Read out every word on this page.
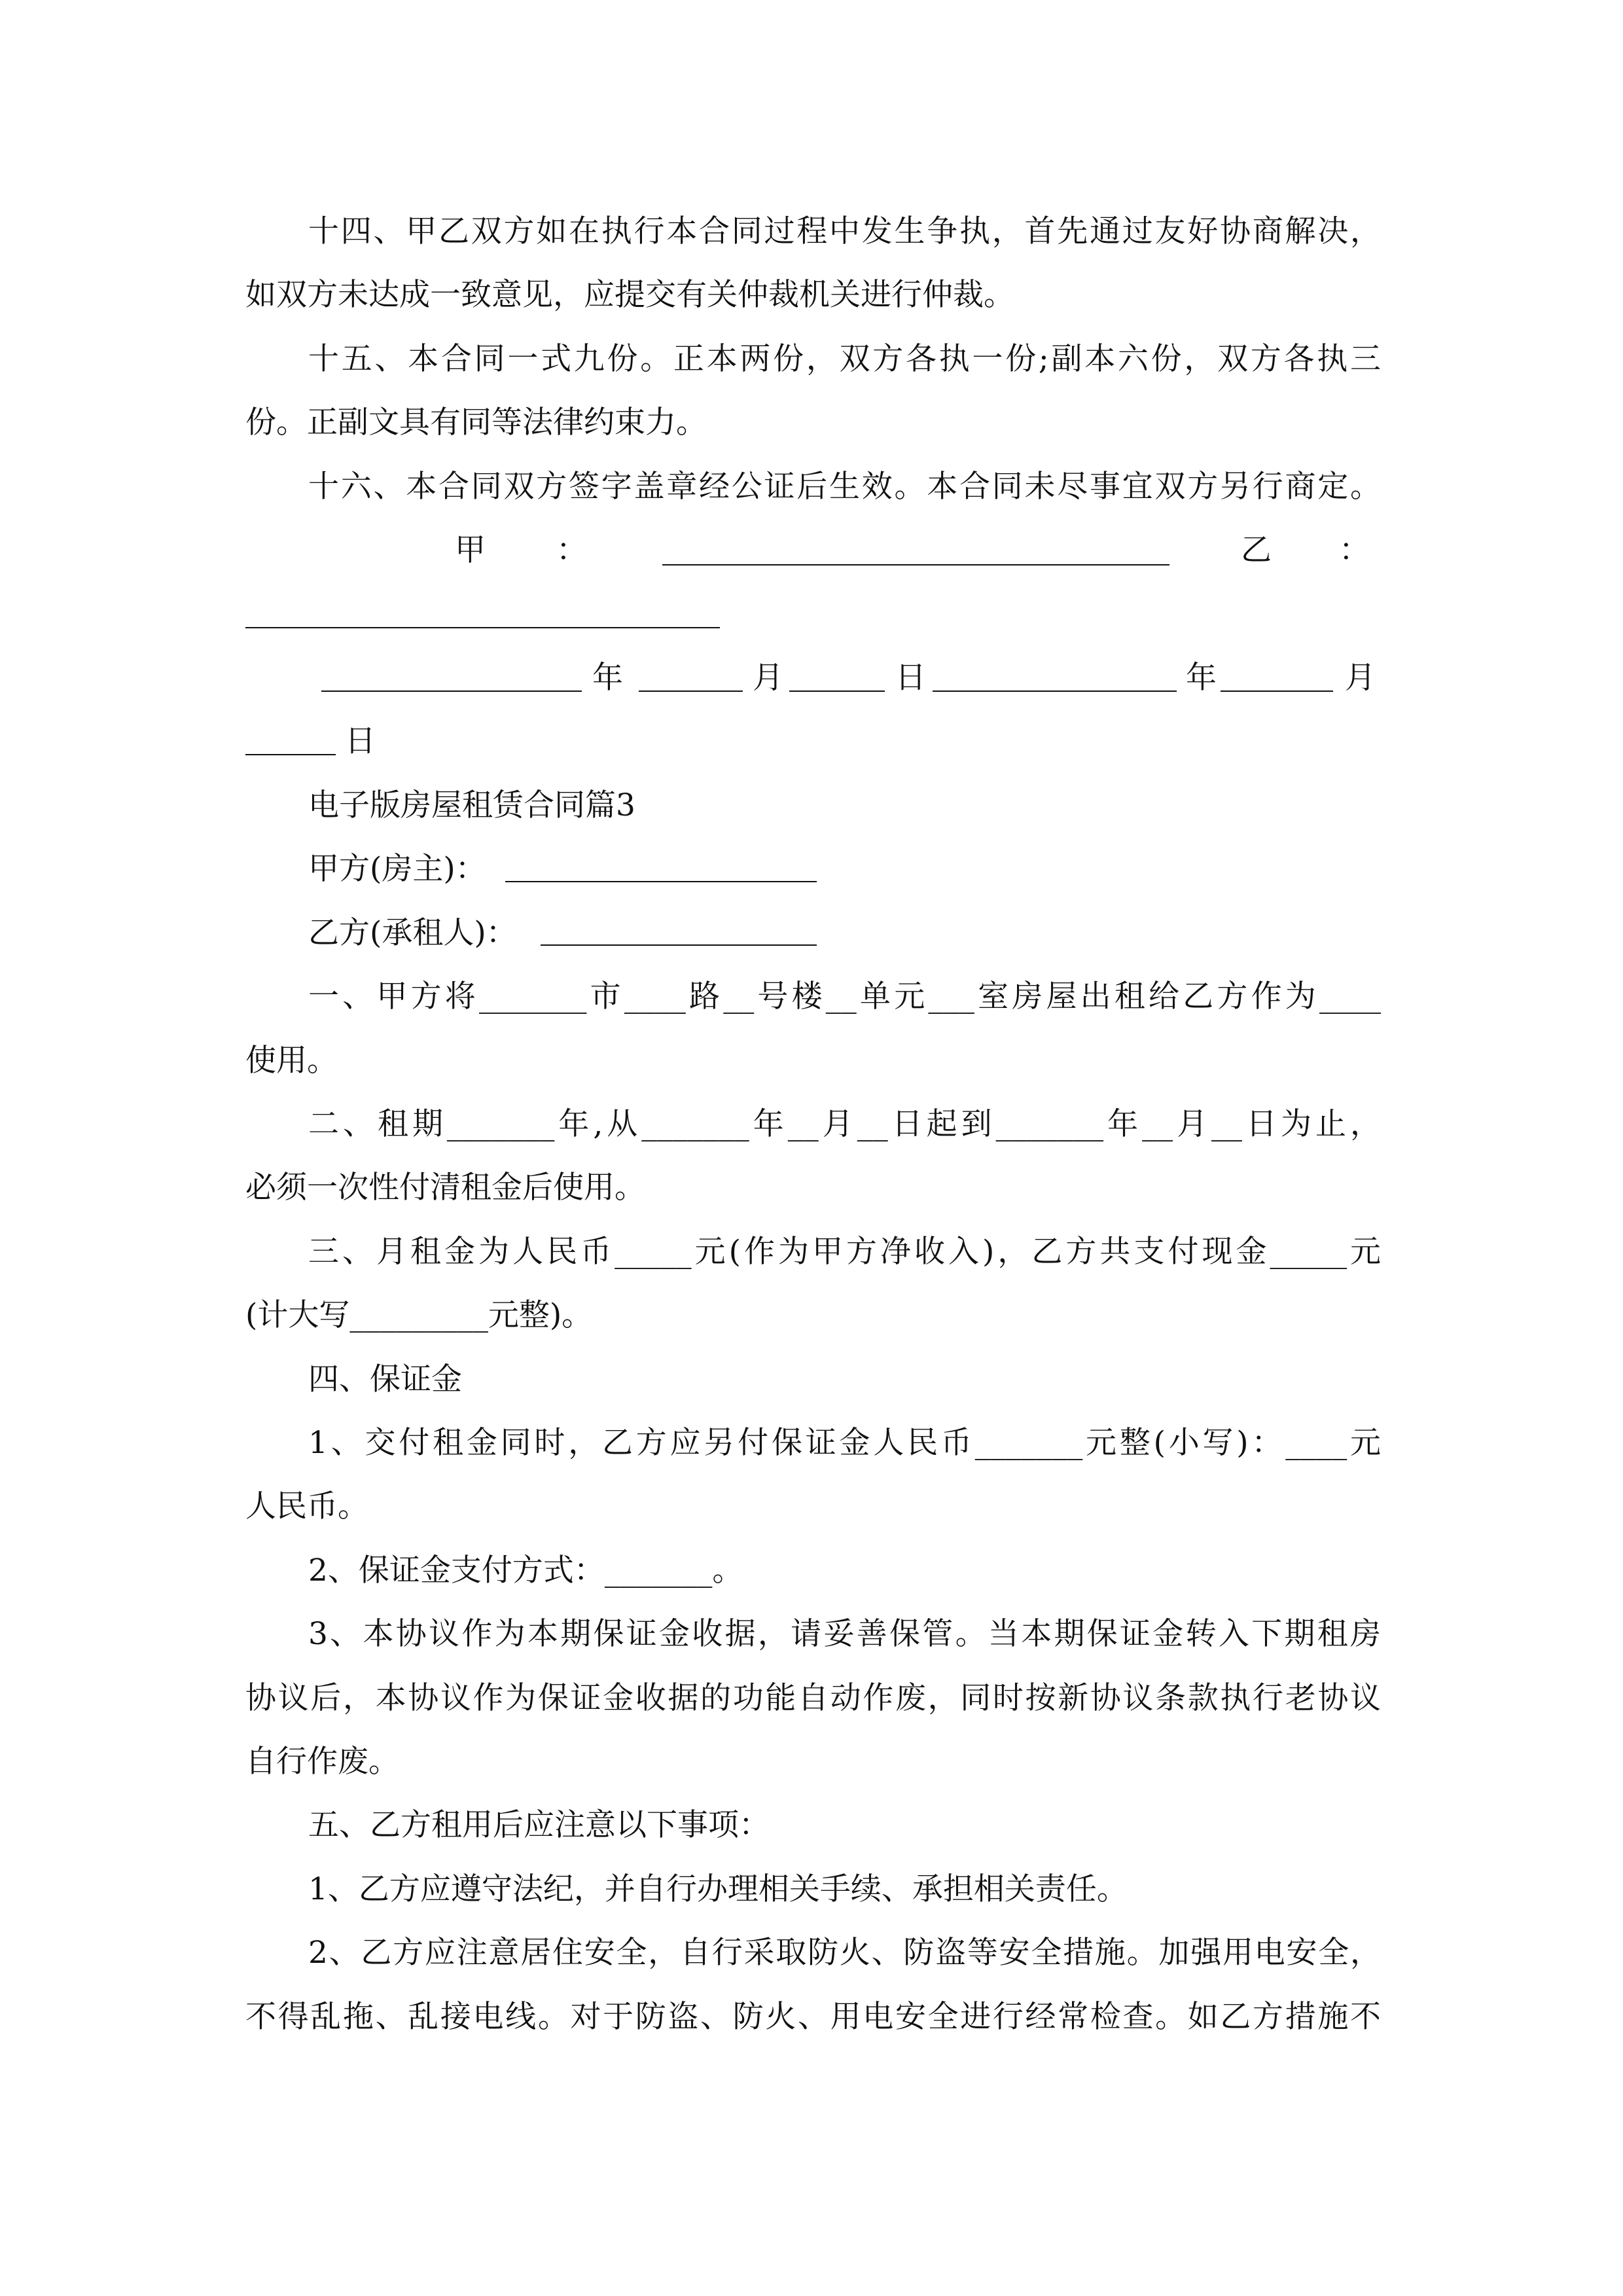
十四、甲乙双方如在执行本合同过程中发生争执，首先通过友好协商解决，
如双方未达成一致意见，应提交有关仲裁机关进行仲裁。
十五、本合同一式九份。正本两份，双方各执一份;副本六份，双方各执三
份。正副文具有同等法律约束力。
十六、本合同双方签字盖章经公证后生效。本合同未尽事宜双方另行商定。
甲 ：	乙 ：
年	月	日	年	月
日
电子版房屋租赁合同篇3
甲方(房主)：
乙方(承租人)：
一、甲方将_______市____路__号楼__单元___室房屋出租给乙方作为____
使用。
二、租期_______年,从_______年__月__日起到_______年__月__日为止，
必须一次性付清租金后使用。
三、月租金为人民币_____元(作为甲方净收入)，乙方共支付现金_____元
(计大写_________元整)。
四、保证金
1、交付租金同时，乙方应另付保证金人民币_______元整(小写)：____元
人民币。
2、保证金支付方式：_______。
3、本协议作为本期保证金收据，请妥善保管。当本期保证金转入下期租房
协议后，本协议作为保证金收据的功能自动作废，同时按新协议条款执行老协议
自行作废。
五、乙方租用后应注意以下事项：
1、乙方应遵守法纪，并自行办理相关手续、承担相关责任。
2、乙方应注意居住安全，自行采取防火、防盗等安全措施。加强用电安全，
不得乱拖、乱接电线。对于防盗、防火、用电安全进行经常检查。如乙方措施不
